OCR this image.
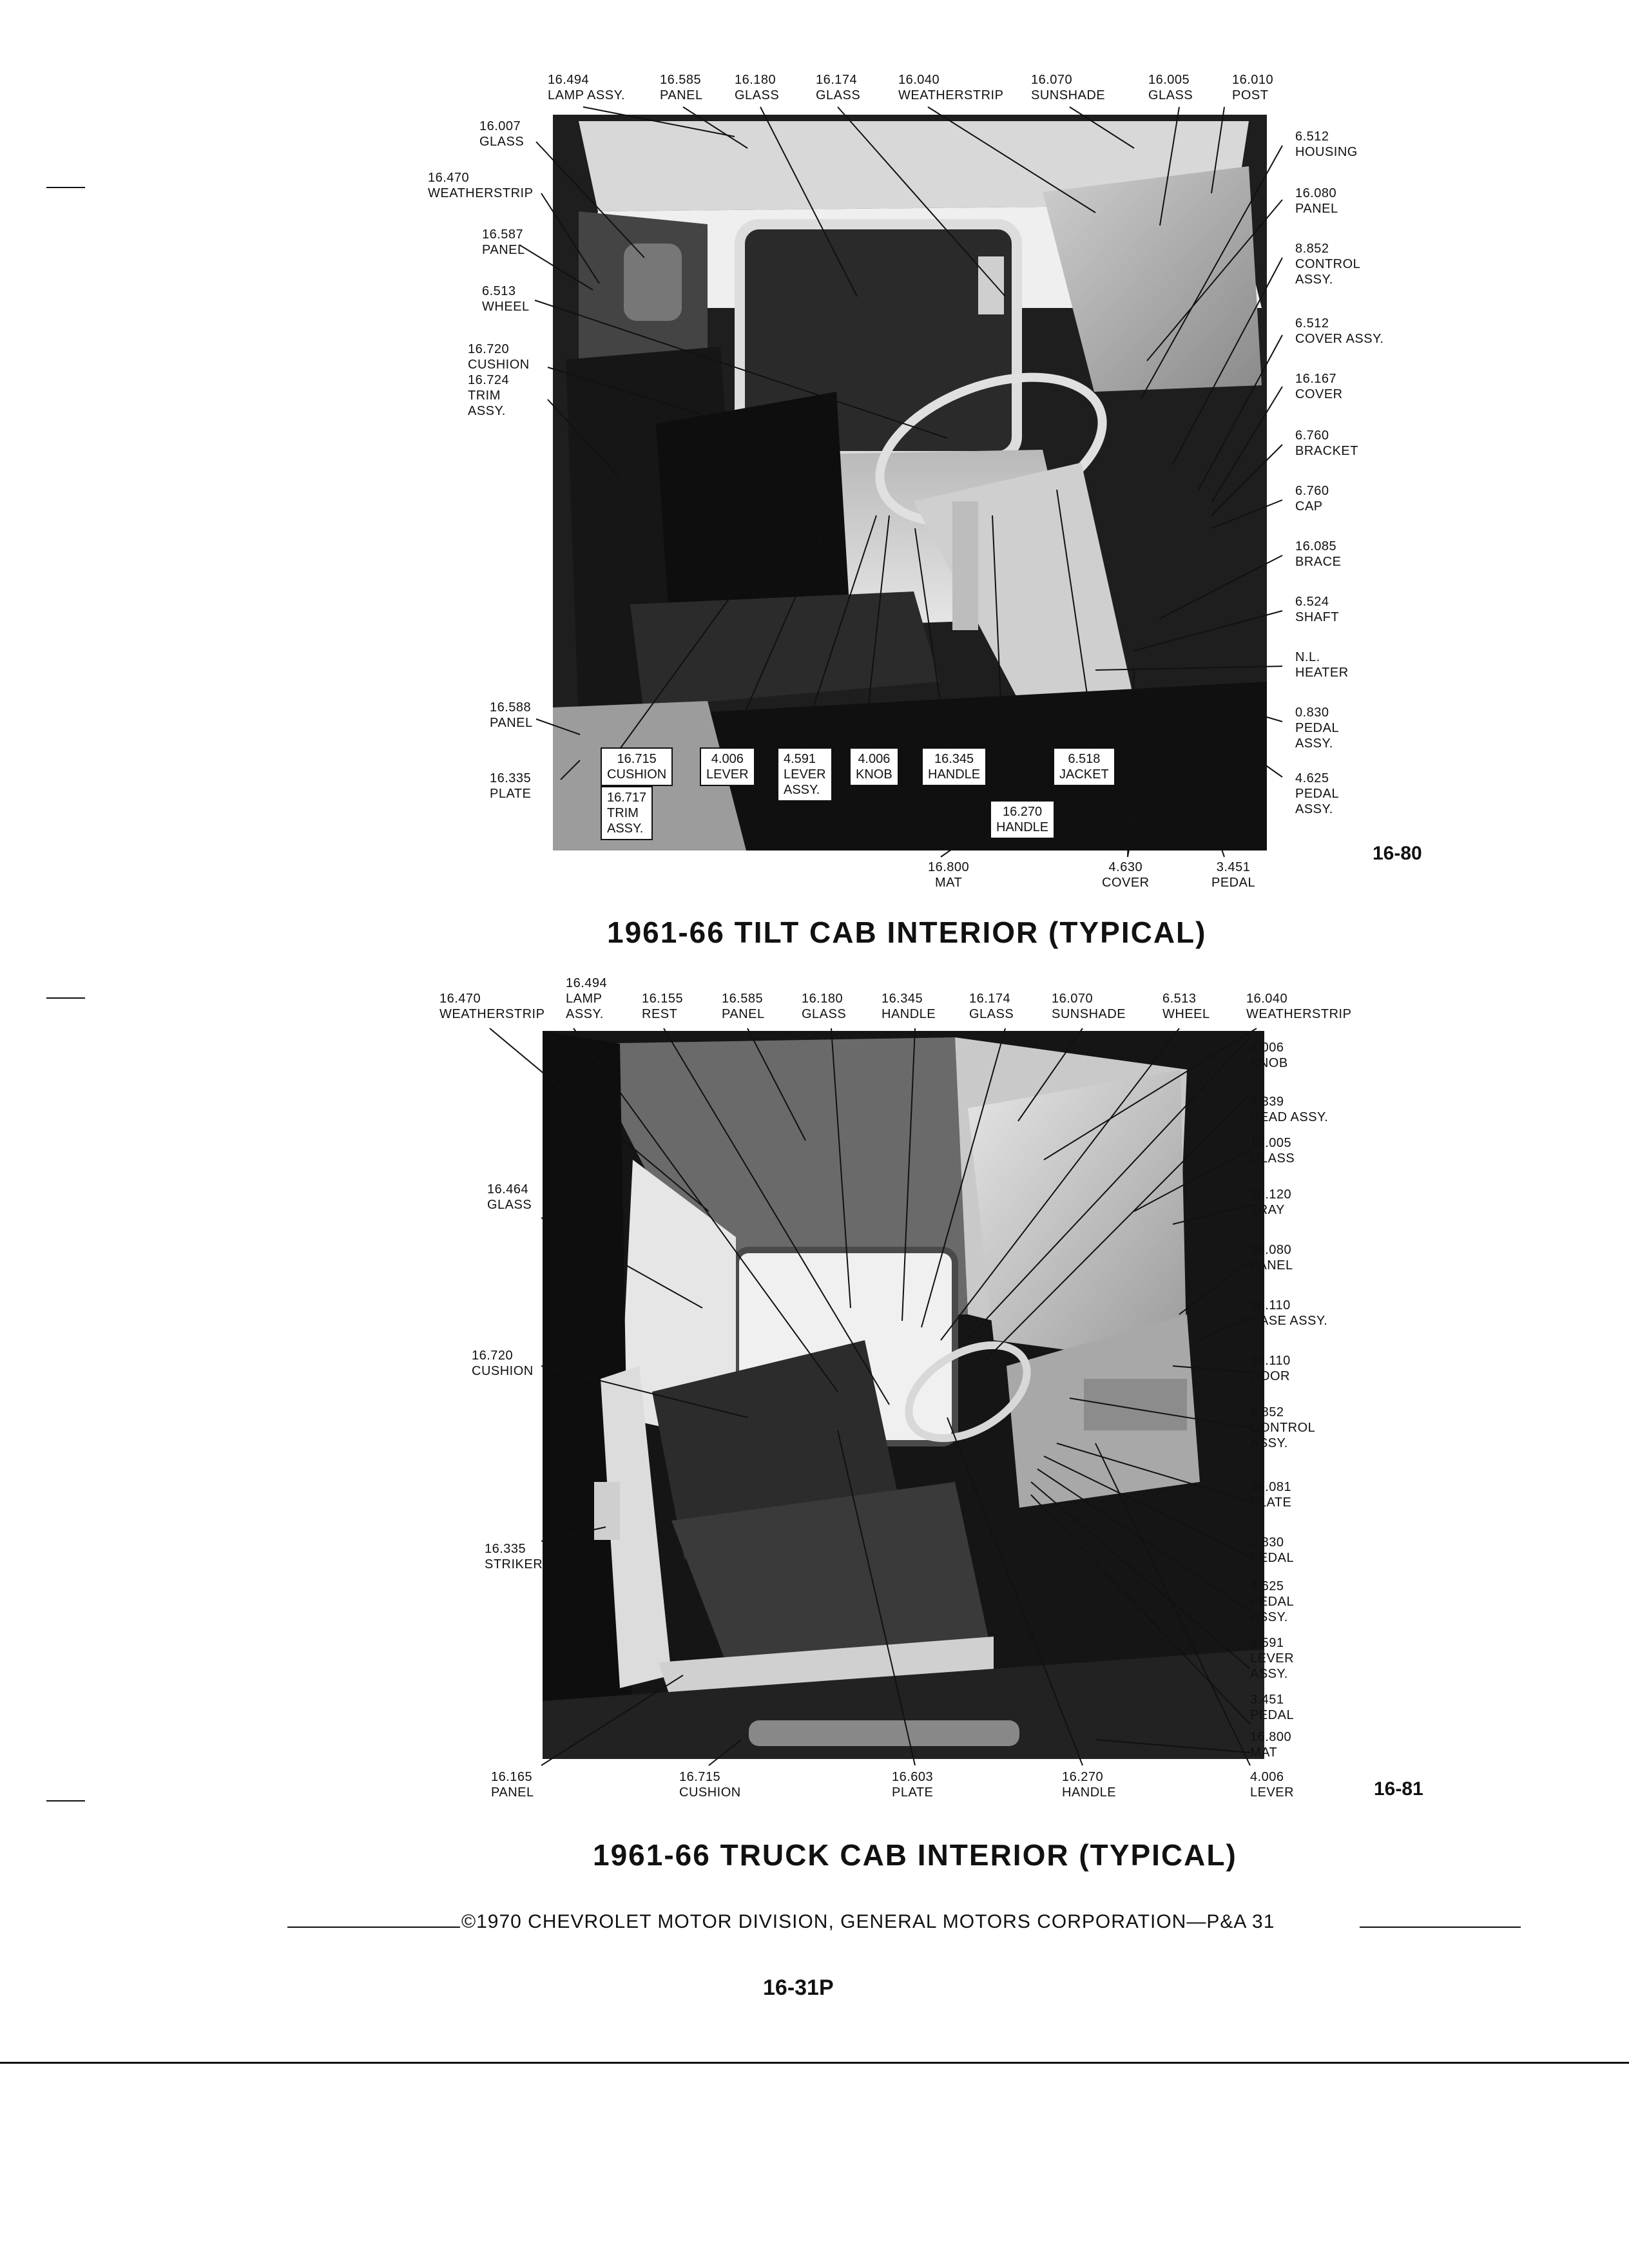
16.494
LAMP ASSY.
16.585
PANEL
16.180
GLASS
16.174
GLASS
16.040
WEATHERSTRIP
16.070
SUNSHADE
16.005
GLASS
16.010
POST
16.007
GLASS
16.470
WEATHERSTRIP
16.587
PANEL
6.513
WHEEL
16.720
CUSHION
16.724
TRIM
ASSY.
16.588
PANEL
16.335
PLATE
6.512
HOUSING
16.080
PANEL
8.852
CONTROL
ASSY.
6.512
COVER ASSY.
16.167
COVER
6.760
BRACKET
6.760
CAP
16.085
BRACE
6.524
SHAFT
N.L.
HEATER
0.830
PEDAL
ASSY.
4.625
PEDAL
ASSY.
16.715
CUSHION
16.717
TRIM
ASSY.
4.006
LEVER
4.591
LEVER
ASSY.
4.006
KNOB
16.345
HANDLE
16.270
HANDLE
6.518
JACKET
16.800
MAT
4.630
COVER
3.451
PEDAL
16-80
1961-66 TILT CAB INTERIOR (TYPICAL)
16.470
WEATHERSTRIP
16.494
LAMP
ASSY.
16.155
REST
16.585
PANEL
16.180
GLASS
16.345
HANDLE
16.174
GLASS
16.070
SUNSHADE
6.513
WHEEL
16.040
WEATHERSTRIP
16.464
GLASS
16.720
CUSHION
16.335
STRIKER
4.006
KNOB
4.339
HEAD ASSY.
16.005
GLASS
16.120
TRAY
16.080
PANEL
16.110
CASE ASSY.
16.110
DOOR
8.852
CONTROL
ASSY.
16.081
PLATE
0.830
PEDAL
4.625
PEDAL
ASSY.
4.591
LEVER
ASSY.
3.451
PEDAL
16.800
MAT
16.165
PANEL
16.715
CUSHION
16.603
PLATE
16.270
HANDLE
4.006
LEVER	16-81
1961-66 TRUCK CAB INTERIOR (TYPICAL)
©1970 CHEVROLET MOTOR DIVISION, GENERAL MOTORS CORPORATION—P&A 31
16-31P
